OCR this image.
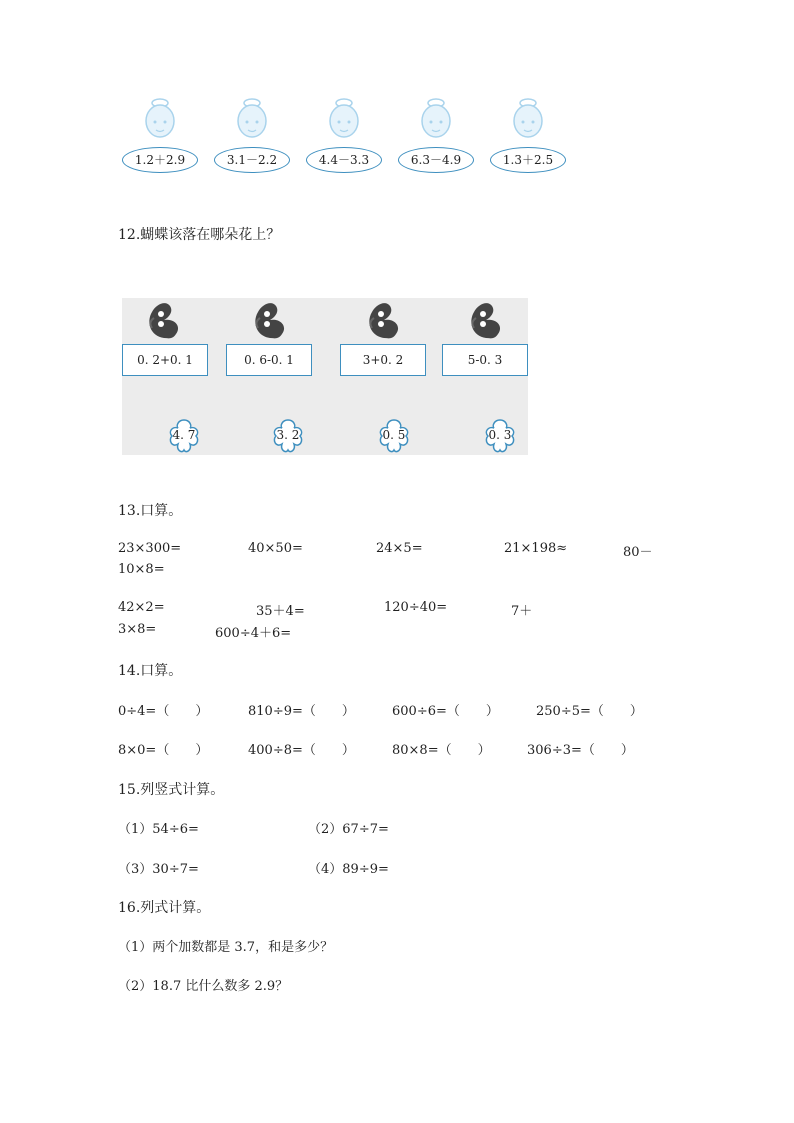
1.2＋2.9	3.1－2.2	4.4－3.3	6.3－4.9	1.3＋2.5
12.蝴蝶该落在哪朵花上？
0. 2+0. 1	0. 6-0. 1	3+0. 2	5-0. 3
4. 7	3. 2	0. 5	0. 3
13.口算。
23×300=	40×50=	24×5=	21×198≈	80－
10×8=
42×2=	35＋4=	120÷40=	7＋
3×8=	600÷4＋6=
14.口算。
0÷4=（　　）	810÷9=（　　）	600÷6=（　　）	250÷5=（　　）
8×0=（　　）	400÷8=（　　）	80×8=（　　）	306÷3=（　　）
15.列竖式计算。
（1）54÷6=	（2）67÷7=
（3）30÷7=	（4）89÷9=
16.列式计算。
（1）两个加数都是 3.7，和是多少？
（2）18.7 比什么数多 2.9？
